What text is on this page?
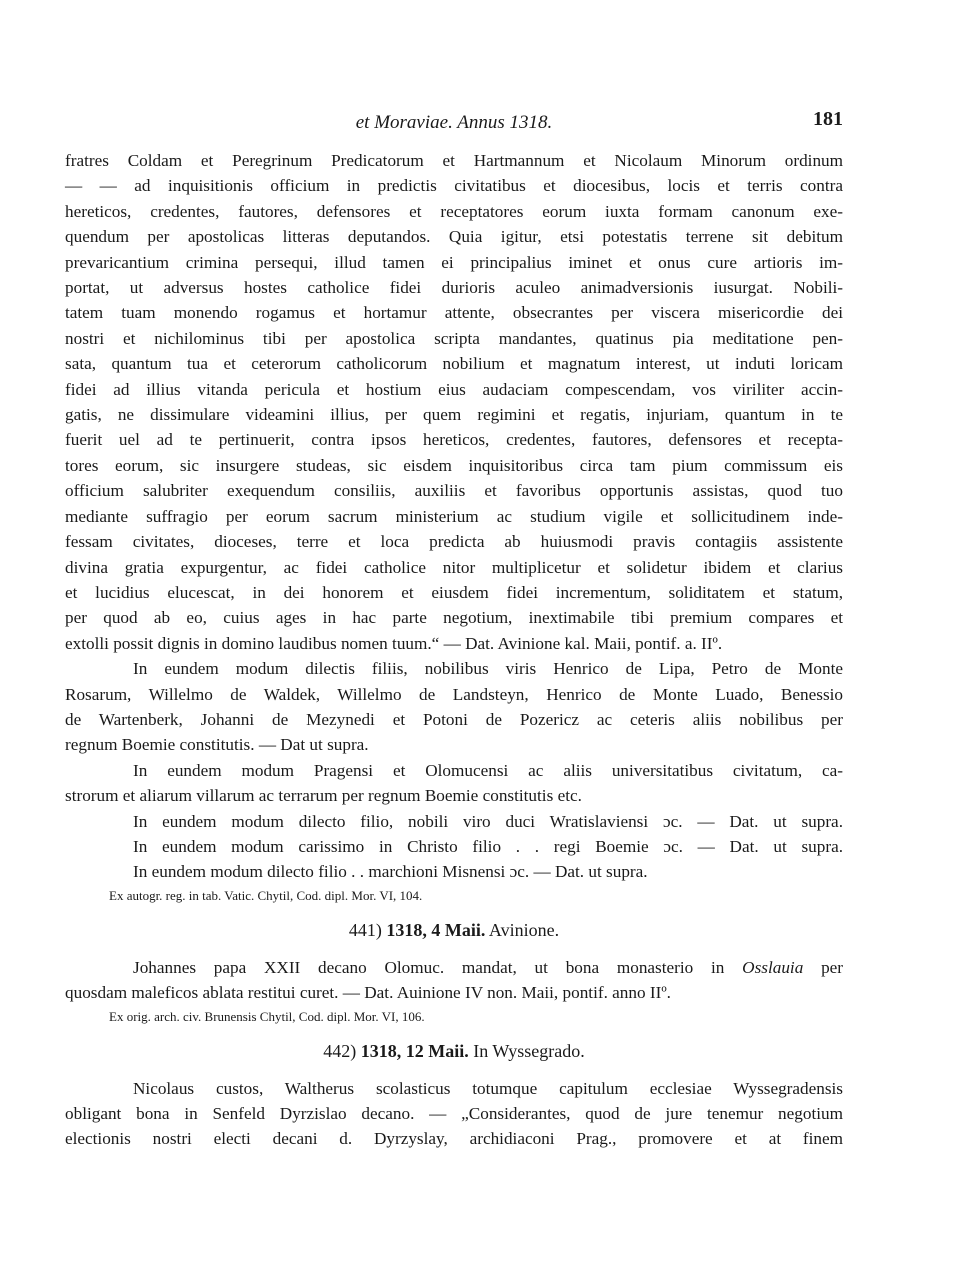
et Moraviae. Annus 1318.	181
fratres Coldam et Peregrinum Predicatorum et Hartmannum et Nicolaum Minorum ordinum
— — ad inquisitionis officium in predictis civitatibus et diocesibus, locis et terris contra
hereticos, credentes, fautores, defensores et receptatores eorum iuxta formam canonum exe-
quendum per apostolicas litteras deputandos. Quia igitur, etsi potestatis terrene sit debitum
prevaricantium crimina persequi, illud tamen ei principalius iminet et onus cure artioris im-
portat, ut adversus hostes catholice fidei durioris aculeo animadversionis iusurgat. Nobili-
tatem tuam monendo rogamus et hortamur attente, obsecrantes per viscera misericordie dei
nostri et nichilominus tibi per apostolica scripta mandantes, quatinus pia meditatione pen-
sata, quantum tua et ceterorum catholicorum nobilium et magnatum interest, ut induti loricam
fidei ad illius vitanda pericula et hostium eius audaciam compescendam, vos viriliter accin-
gatis, ne dissimulare videamini illius, per quem regimini et regatis, injuriam, quantum in te
fuerit uel ad te pertinuerit, contra ipsos hereticos, credentes, fautores, defensores et recepta-
tores eorum, sic insurgere studeas, sic eisdem inquisitoribus circa tam pium commissum eis
officium salubriter exequendum consiliis, auxiliis et favoribus opportunis assistas, quod tuo
mediante suffragio per eorum sacrum ministerium ac studium vigile et sollicitudinem inde-
fessam civitates, dioceses, terre et loca predicta ab huiusmodi pravis contagiis assistente
divina gratia expurgentur, ac fidei catholice nitor multiplicetur et solidetur ibidem et clarius
et lucidius elucescat, in dei honorem et eiusdem fidei incrementum, soliditatem et statum,
per quod ab eo, cuius ages in hac parte negotium, inextimabile tibi premium compares et
extolli possit dignis in domino laudibus nomen tuum.“ — Dat. Avinione kal. Maii, pontif. a. IIº.
In eundem modum dilectis filiis, nobilibus viris Henrico de Lipa, Petro de Monte
Rosarum, Willelmo de Waldek, Willelmo de Landsteyn, Henrico de Monte Luado, Benessio
de Wartenberk, Johanni de Mezynedi et Potoni de Pozericz ac ceteris aliis nobilibus per
regnum Boemie constitutis. — Dat ut supra.
In eundem modum Pragensi et Olomucensi ac aliis universitatibus civitatum, ca-
strorum et aliarum villarum ac terrarum per regnum Boemie constitutis etc.
In eundem modum dilecto filio, nobili viro duci Wratislaviensi ɔc. — Dat. ut supra.
In eundem modum carissimo in Christo filio . . regi Boemie ɔc. — Dat. ut supra.
In eundem modum dilecto filio . . marchioni Misnensi ɔc. — Dat. ut supra.
Ex autogr. reg. in tab. Vatic. Chytil, Cod. dipl. Mor. VI, 104.
441) 1318, 4 Maii. Avinione.
Johannes papa XXII decano Olomuc. mandat, ut bona monasterio in Osslauia per
quosdam maleficos ablata restitui curet. — Dat. Auinione IV non. Maii, pontif. anno IIº.
Ex orig. arch. civ. Brunensis Chytil, Cod. dipl. Mor. VI, 106.
442) 1318, 12 Maii. In Wyssegrado.
Nicolaus custos, Waltherus scolasticus totumque capitulum ecclesiae Wyssegradensis
obligant bona in Senfeld Dyrzislao decano. — „Considerantes, quod de jure tenemur negotium
electionis nostri electi decani d. Dyrzyslay, archidiaconi Prag., promovere et at finem
